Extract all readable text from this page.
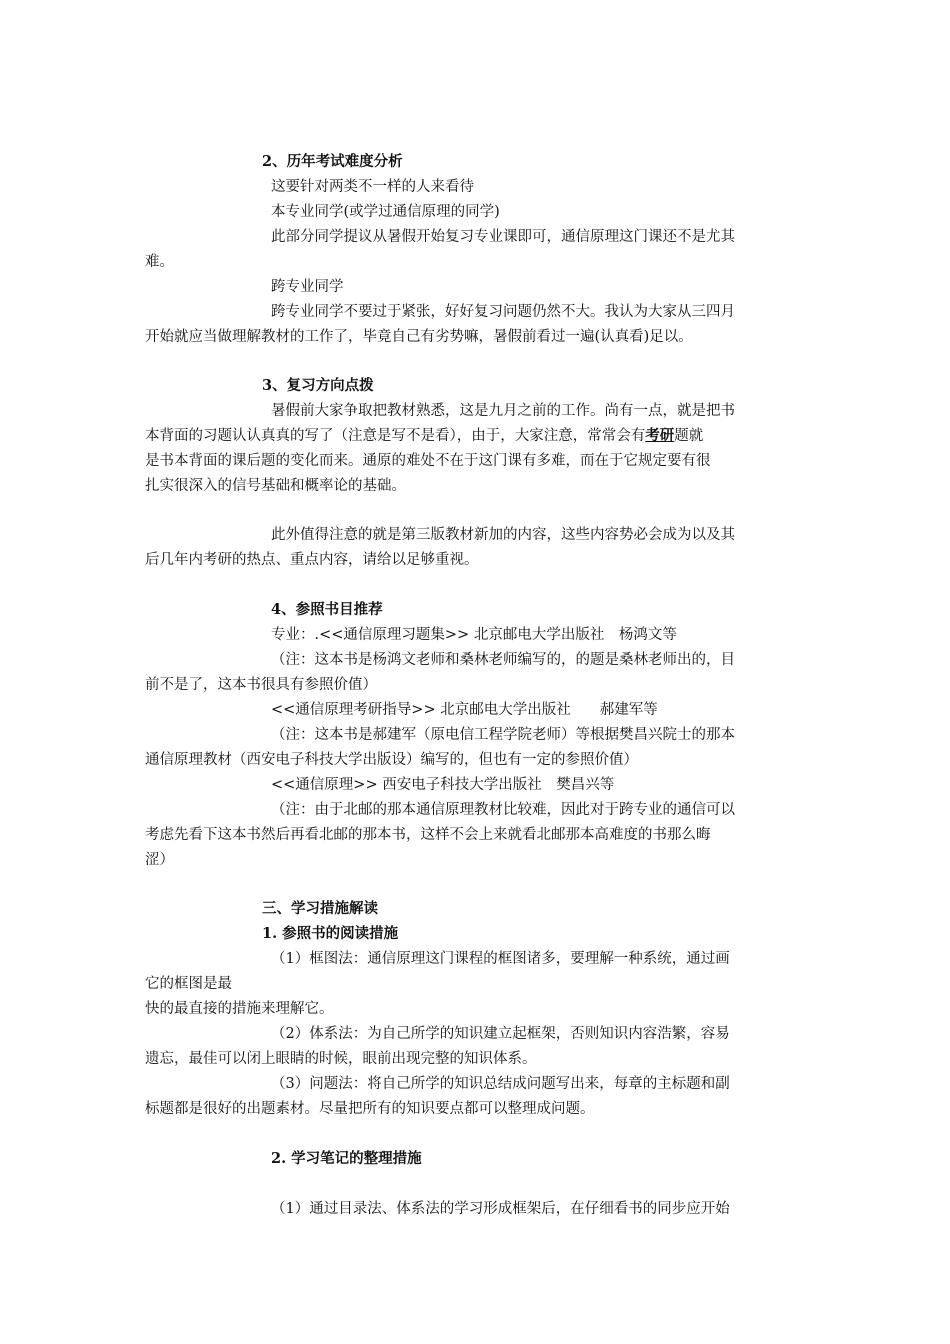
2、历年考试难度分析
这要针对两类不一样的人来看待
本专业同学(或学过通信原理的同学)
此部分同学提议从暑假开始复习专业课即可，通信原理这门课还不是尤其
难。
跨专业同学
跨专业同学不要过于紧张，好好复习问题仍然不大。我认为大家从三四月
开始就应当做理解教材的工作了，毕竟自己有劣势嘛，暑假前看过一遍(认真看)足以。
3、复习方向点拨
暑假前大家争取把教材熟悉，这是九月之前的工作。尚有一点，就是把书
本背面的习题认认真真的写了（注意是写不是看），由于，大家注意，常常会有考研题就
是书本背面的课后题的变化而来。通原的难处不在于这门课有多难，而在于它规定要有很
扎实很深入的信号基础和概率论的基础。
此外值得注意的就是第三版教材新加的内容，这些内容势必会成为以及其
后几年内考研的热点、重点内容，请给以足够重视。
4、参照书目推荐
专业：.<<通信原理习题集>> 北京邮电大学出版社　杨鸿文等
（注：这本书是杨鸿文老师和桑林老师编写的，的题是桑林老师出的，目
前不是了，这本书很具有参照价值）
<<通信原理考研指导>> 北京邮电大学出版社　　郝建军等
（注：这本书是郝建军（原电信工程学院老师）等根据樊昌兴院士的那本
通信原理教材（西安电子科技大学出版设）编写的，但也有一定的参照价值）
<<通信原理>> 西安电子科技大学出版社　樊昌兴等
（注：由于北邮的那本通信原理教材比较难，因此对于跨专业的通信可以
考虑先看下这本书然后再看北邮的那本书，这样不会上来就看北邮那本高难度的书那么晦
涩）
三、学习措施解读
1. 参照书的阅读措施
（1）框图法：通信原理这门课程的框图诸多，要理解一种系统，通过画
它的框图是最
快的最直接的措施来理解它。
（2）体系法：为自己所学的知识建立起框架，否则知识内容浩繁，容易
遗忘，最佳可以闭上眼睛的时候，眼前出现完整的知识体系。
（3）问题法：将自己所学的知识总结成问题写出来，每章的主标题和副
标题都是很好的出题素材。尽量把所有的知识要点都可以整理成问题。
2. 学习笔记的整理措施
（1）通过目录法、体系法的学习形成框架后，在仔细看书的同步应开始
